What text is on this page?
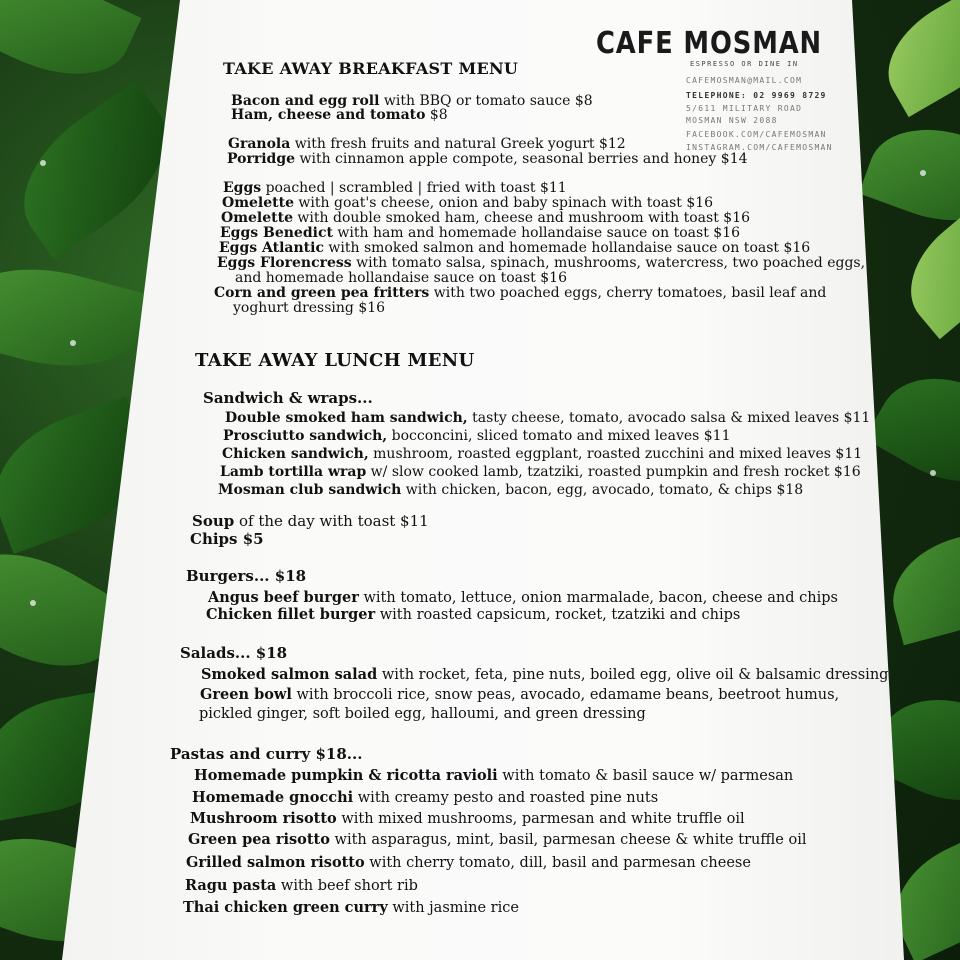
CAFE MOSMAN
ESPRESSO OR DINE IN
CAFEMOSMAN@MAIL.COM
TELEPHONE: 02 9969 8729
5/611 MILITARY ROAD
MOSMAN NSW 2088
FACEBOOK.COM/CAFEMOSMAN
INSTAGRAM.COM/CAFEMOSMAN
TAKE AWAY BREAKFAST MENU
Bacon and egg roll with BBQ or tomato sauce $8
Ham, cheese and tomato $8
Granola with fresh fruits and natural Greek yogurt $12
Porridge with cinnamon apple compote, seasonal berries and honey $14
Eggs poached | scrambled | fried with toast $11
Omelette with goat's cheese, onion and baby spinach with toast $16
Omelette with double smoked ham, cheese and mushroom with toast $16
Eggs Benedict with ham and homemade hollandaise sauce on toast $16
Eggs Atlantic with smoked salmon and homemade hollandaise sauce on toast $16
Eggs Florencress with tomato salsa, spinach, mushrooms, watercress, two poached eggs,
and homemade hollandaise sauce on toast $16
Corn and green pea fritters with two poached eggs, cherry tomatoes, basil leaf and
yoghurt dressing $16
TAKE AWAY LUNCH MENU
Sandwich & wraps...
Double smoked ham sandwich, tasty cheese, tomato, avocado salsa & mixed leaves $11
Prosciutto sandwich, bocconcini, sliced tomato and mixed leaves $11
Chicken sandwich, mushroom, roasted eggplant, roasted zucchini and mixed leaves $11
Lamb tortilla wrap w/ slow cooked lamb, tzatziki, roasted pumpkin and fresh rocket $16
Mosman club sandwich with chicken, bacon, egg, avocado, tomato, & chips $18
Soup of the day with toast $11
Chips $5
Burgers... $18
Angus beef burger with tomato, lettuce, onion marmalade, bacon, cheese and chips
Chicken fillet burger with roasted capsicum, rocket, tzatziki and chips
Salads... $18
Smoked salmon salad with rocket, feta, pine nuts, boiled egg, olive oil & balsamic dressing
Green bowl with broccoli rice, snow peas, avocado, edamame beans, beetroot humus,
pickled ginger, soft boiled egg, halloumi, and green dressing
Pastas and curry $18...
Homemade pumpkin & ricotta ravioli with tomato & basil sauce w/ parmesan
Homemade gnocchi with creamy pesto and roasted pine nuts
Mushroom risotto with mixed mushrooms, parmesan and white truffle oil
Green pea risotto with asparagus, mint, basil, parmesan cheese & white truffle oil
Grilled salmon risotto with cherry tomato, dill, basil and parmesan cheese
Ragu pasta with beef short rib
Thai chicken green curry with jasmine rice
